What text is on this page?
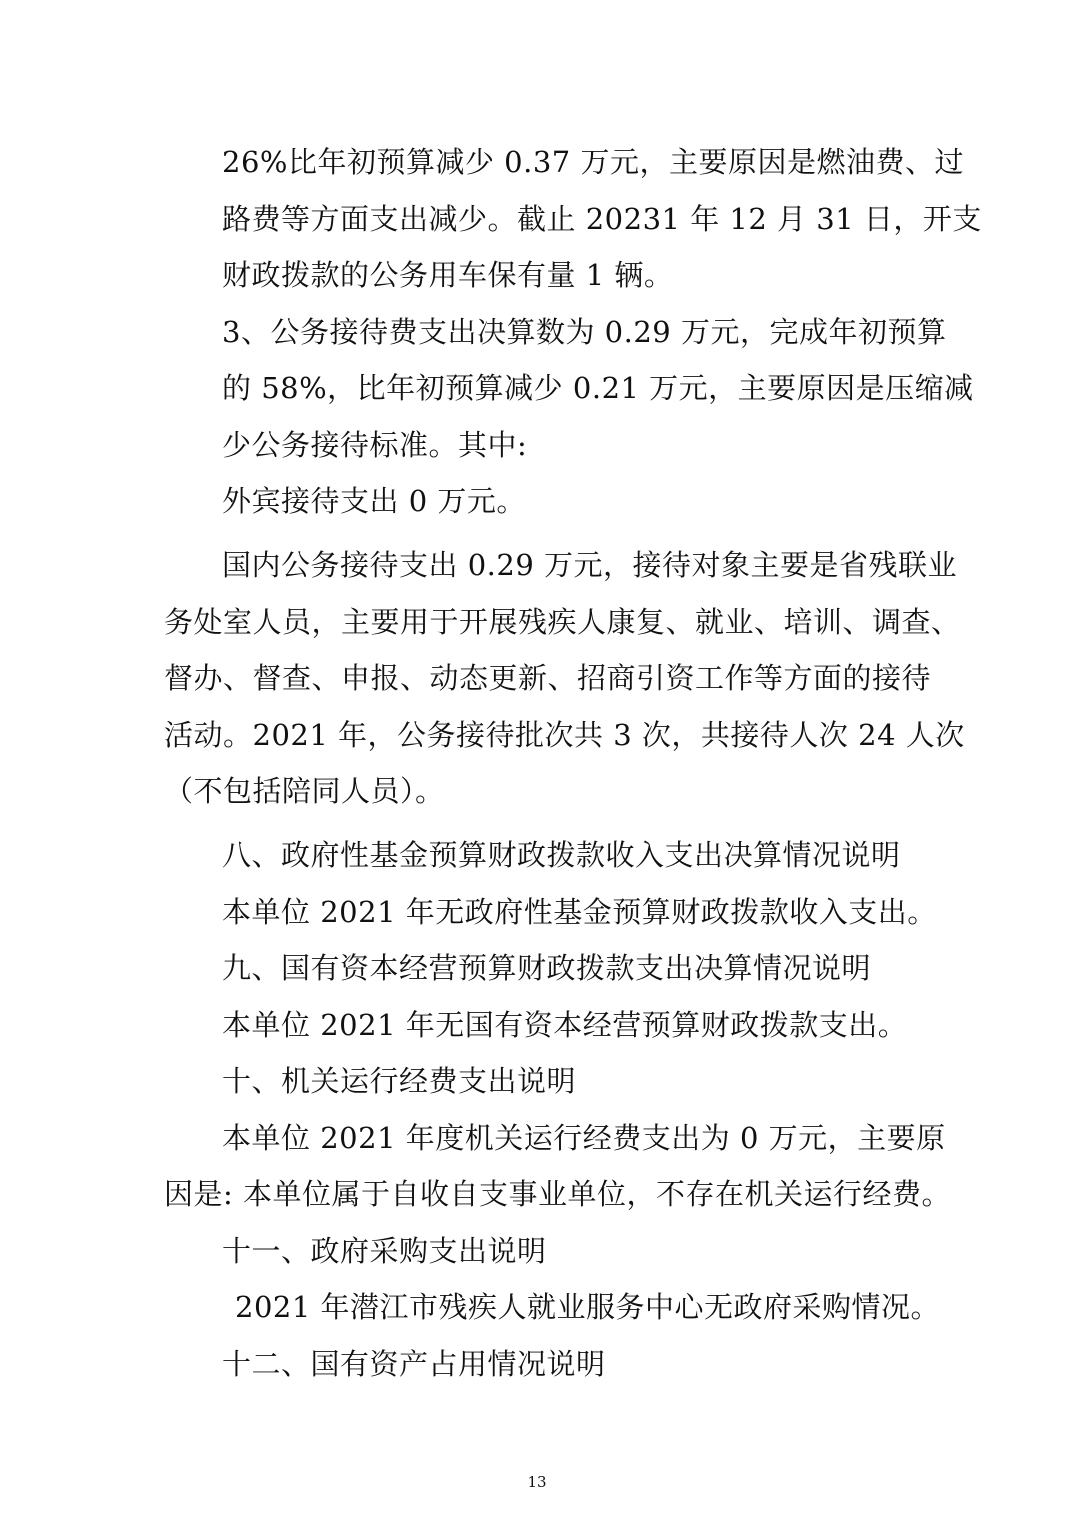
26%比年初预算减少 0.37 万元，主要原因是燃油费、过
路费等方面支出减少。截止 20231 年 12 月 31 日，开支
财政拨款的公务用车保有量 1 辆。
3、公务接待费支出决算数为 0.29 万元，完成年初预算
的 58%，比年初预算减少 0.21 万元，主要原因是压缩减
少公务接待标准。其中:
外宾接待支出 0 万元。
国内公务接待支出 0.29 万元，接待对象主要是省残联业
务处室人员，主要用于开展残疾人康复、就业、培训、调查、
督办、督查、申报、动态更新、招商引资工作等方面的接待
活动。2021 年，公务接待批次共 3 次，共接待人次 24 人次
（不包括陪同人员）。
八、政府性基金预算财政拨款收入支出决算情况说明
本单位 2021 年无政府性基金预算财政拨款收入支出。
九、国有资本经营预算财政拨款支出决算情况说明
本单位 2021 年无国有资本经营预算财政拨款支出。
十、机关运行经费支出说明
本单位 2021 年度机关运行经费支出为 0 万元，主要原
因是: 本单位属于自收自支事业单位，不存在机关运行经费。
十一、政府采购支出说明
2021 年潜江市残疾人就业服务中心无政府采购情况。
十二、国有资产占用情况说明
13
